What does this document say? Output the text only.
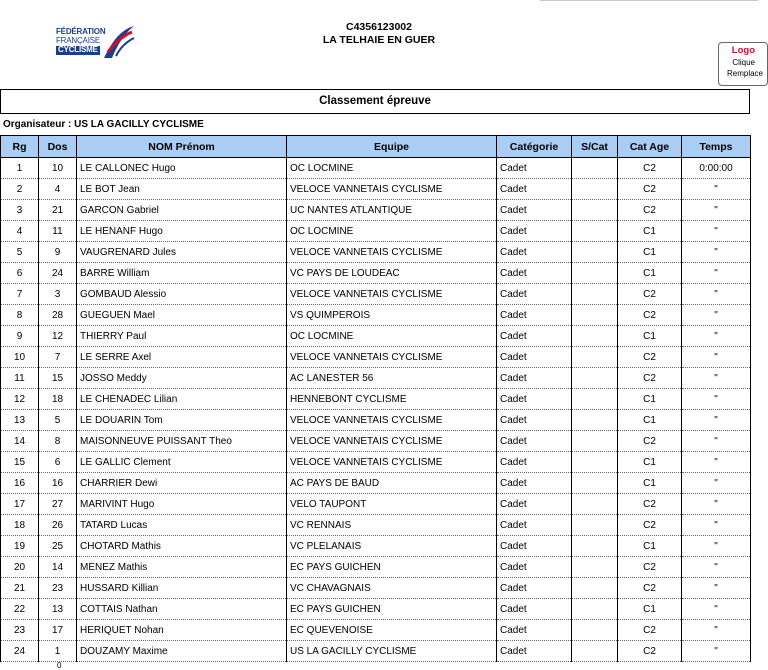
FÉDÉRATION
FRANÇAISE
CYCLISME
C4356123002
LA TELHAIE EN GUER
Logo
Clique
Remplace
Classement épreuve
Organisateur : US LA GACILLY CYCLISME
Rg	Dos	NOM Prénom	Equipe	Catégorie	S/Cat	Cat Age	Temps
1	10	LE CALLONEC Hugo	OC LOCMINE	Cadet		C2	0:00:00
2	4	LE BOT Jean	VELOCE VANNETAIS CYCLISME	Cadet		C2	"
3	21	GARCON Gabriel	UC NANTES ATLANTIQUE	Cadet		C2	"
4	11	LE HENANF Hugo	OC LOCMINE	Cadet		C1	"
5	9	VAUGRENARD Jules	VELOCE VANNETAIS CYCLISME	Cadet		C1	"
6	24	BARRE William	VC PAYS DE LOUDEAC	Cadet		C1	"
7	3	GOMBAUD Alessio	VELOCE VANNETAIS CYCLISME	Cadet		C2	"
8	28	GUEGUEN Mael	VS QUIMPEROIS	Cadet		C2	"
9	12	THIERRY Paul	OC LOCMINE	Cadet		C1	"
10	7	LE SERRE Axel	VELOCE VANNETAIS CYCLISME	Cadet		C2	"
11	15	JOSSO Meddy	AC LANESTER 56	Cadet		C2	"
12	18	LE CHENADEC Lilian	HENNEBONT CYCLISME	Cadet		C1	"
13	5	LE DOUARIN Tom	VELOCE VANNETAIS CYCLISME	Cadet		C1	"
14	8	MAISONNEUVE PUISSANT Theo	VELOCE VANNETAIS CYCLISME	Cadet		C2	"
15	6	LE GALLIC Clement	VELOCE VANNETAIS CYCLISME	Cadet		C1	"
16	16	CHARRIER Dewi	AC PAYS DE BAUD	Cadet		C1	"
17	27	MARIVINT Hugo	VELO TAUPONT	Cadet		C2	"
18	26	TATARD Lucas	VC RENNAIS	Cadet		C2	"
19	25	CHOTARD Mathis	VC PLELANAIS	Cadet		C1	"
20	14	MENEZ Mathis	EC PAYS GUICHEN	Cadet		C2	"
21	23	HUSSARD Killian	VC CHAVAGNAIS	Cadet		C2	"
22	13	COTTAIS Nathan	EC PAYS GUICHEN	Cadet		C1	"
23	17	HERIQUET Nohan	EC QUEVENOISE	Cadet		C2	"
24	1	DOUZAMY Maxime	US LA GACILLY CYCLISME	Cadet		C2	"
0
